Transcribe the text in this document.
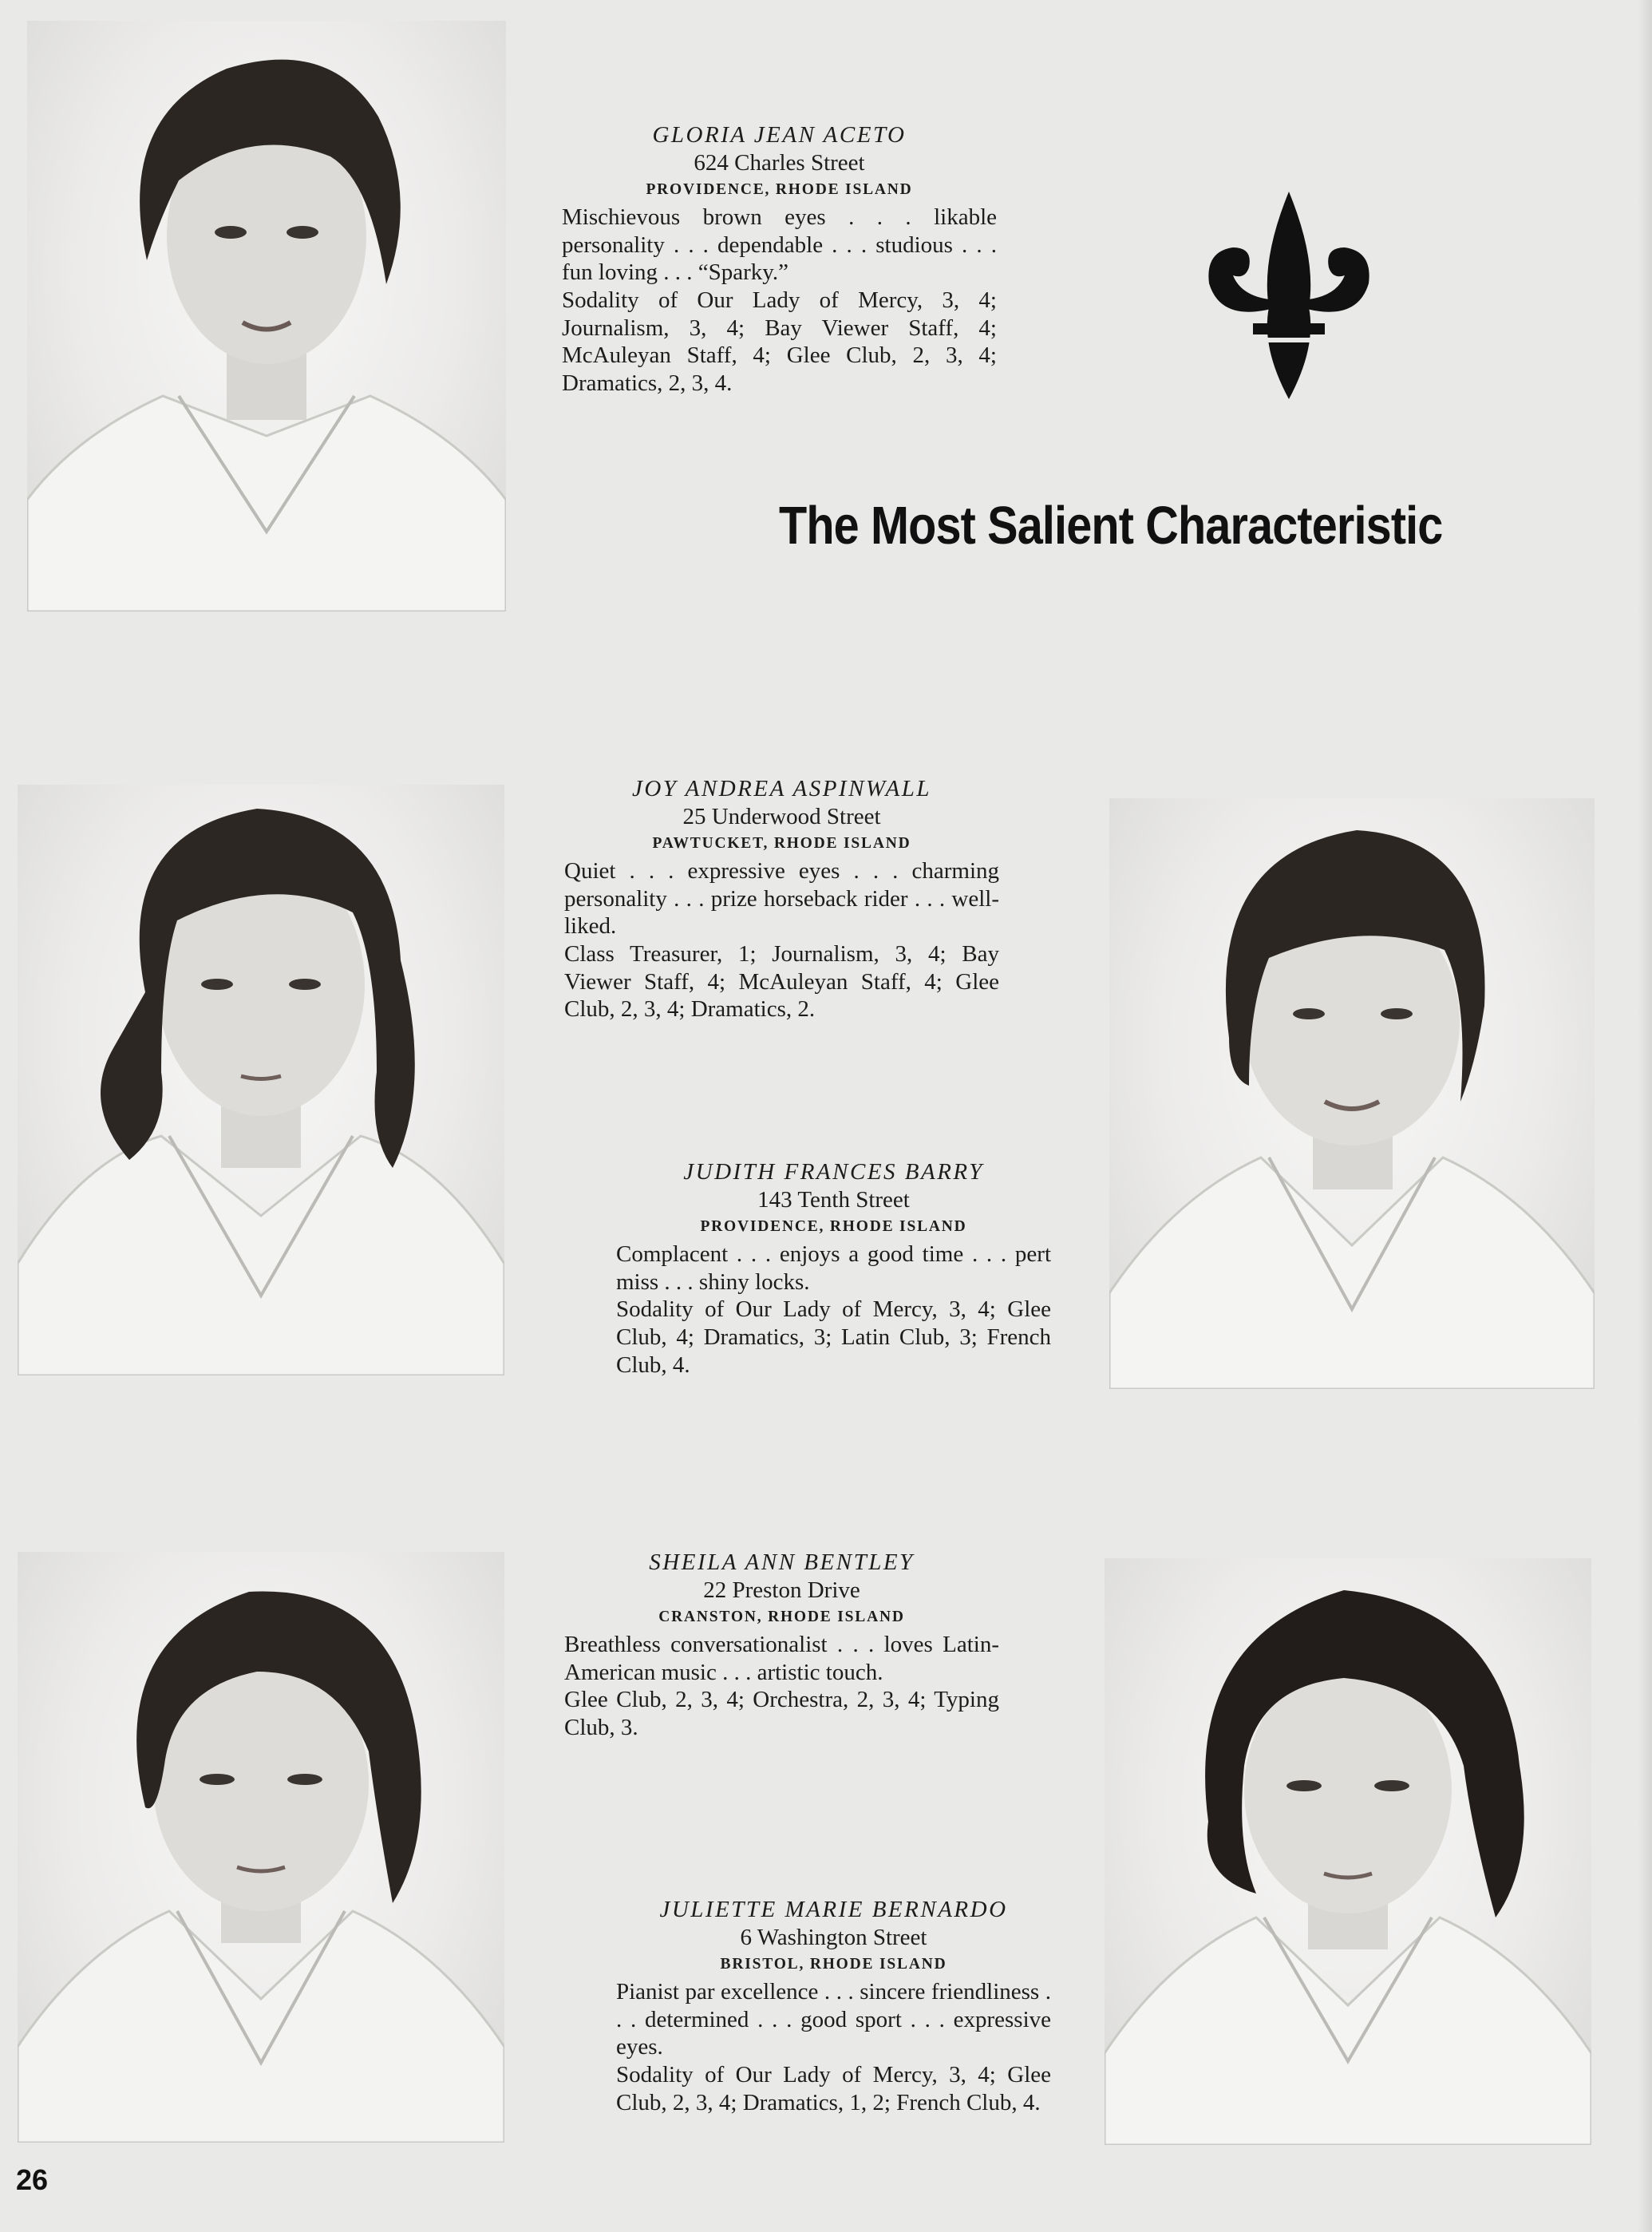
GLORIA JEAN ACETO
624 Charles Street
PROVIDENCE, RHODE ISLAND
Mischievous brown eyes . . . likable personality . . . dependable . . . studious . . . fun loving . . . “Sparky.”
Sodality of Our Lady of Mercy, 3, 4; Journalism, 3, 4; Bay Viewer Staff, 4; McAuleyan Staff, 4; Glee Club, 2, 3, 4; Dramatics, 2, 3, 4.
The Most Salient Characteristic
JOY ANDREA ASPINWALL
25 Underwood Street
PAWTUCKET, RHODE ISLAND
Quiet . . . expressive eyes . . . charming personality . . . prize horseback rider . . . well-liked.
Class Treasurer, 1; Journalism, 3, 4; Bay Viewer Staff, 4; McAuleyan Staff, 4; Glee Club, 2, 3, 4; Dramatics, 2.
JUDITH FRANCES BARRY
143 Tenth Street
PROVIDENCE, RHODE ISLAND
Complacent . . . enjoys a good time . . . pert miss . . . shiny locks.
Sodality of Our Lady of Mercy, 3, 4; Glee Club, 4; Dramatics, 3; Latin Club, 3; French Club, 4.
SHEILA ANN BENTLEY
22 Preston Drive
CRANSTON, RHODE ISLAND
Breathless conversationalist . . . loves Latin-American music . . . artistic touch.
Glee Club, 2, 3, 4; Orchestra, 2, 3, 4; Typing Club, 3.
JULIETTE MARIE BERNARDO
6 Washington Street
BRISTOL, RHODE ISLAND
Pianist par excellence . . . sincere friendliness . . . determined . . . good sport . . . expressive eyes.
Sodality of Our Lady of Mercy, 3, 4; Glee Club, 2, 3, 4; Dramatics, 1, 2; French Club, 4.
26
